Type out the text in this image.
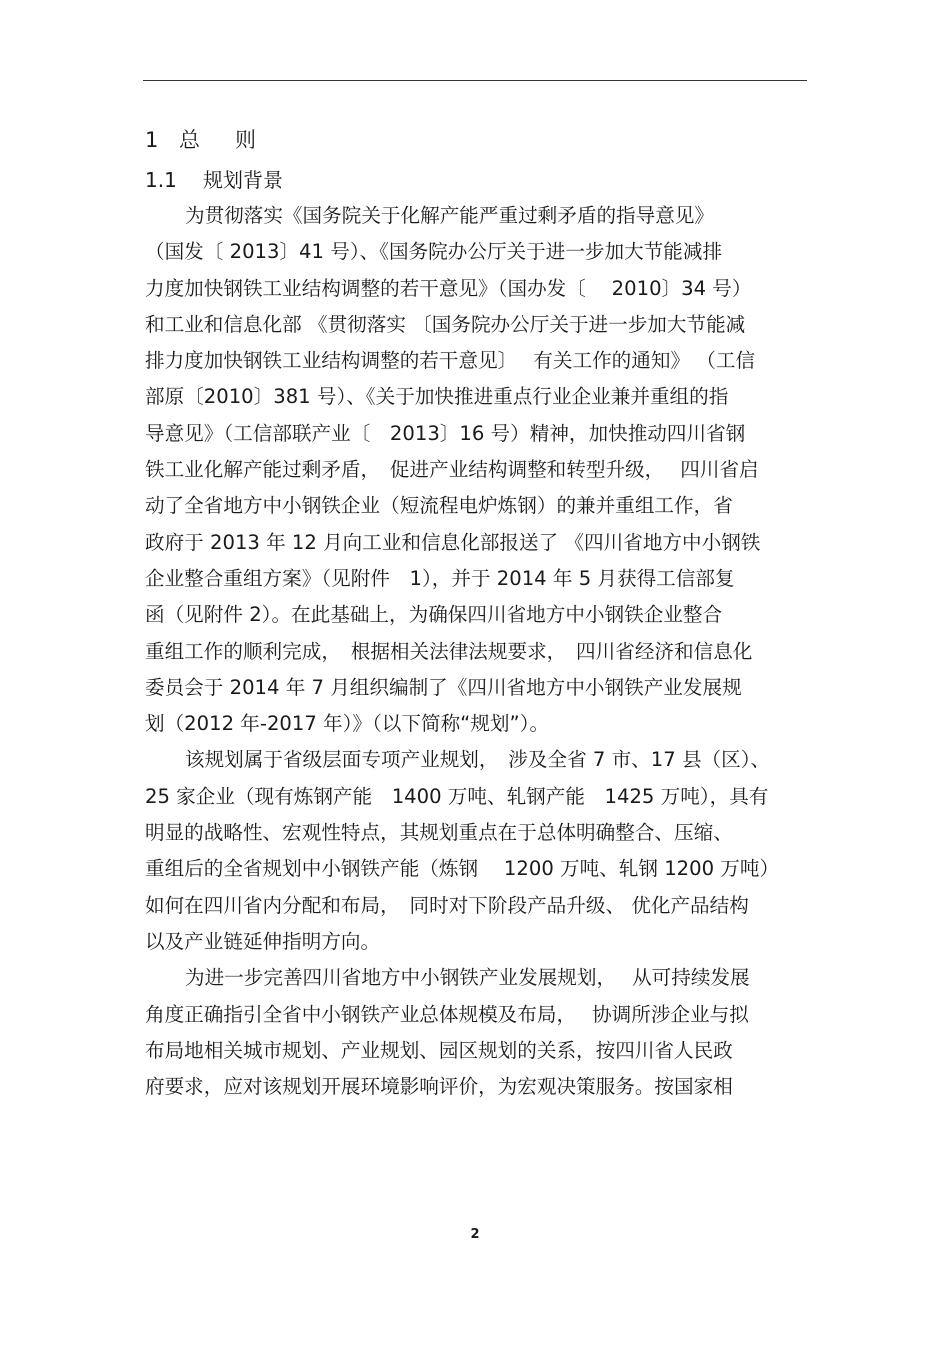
1 总 则
1.1 规划背景
为贯彻落实《国务院关于化解产能严重过剩矛盾的指导意见》
（国发〔 2013〕41 号）、《国务院办公厅关于进一步加大节能减排
力度加快钢铁工业结构调整的若干意见》（国办发〔　 2010〕34 号）
和工业和信息化部 《贯彻落实 〔国务院办公厅关于进一步加大节能减
排力度加快钢铁工业结构调整的若干意见〕　 有关工作的通知》 （工信
部原〔2010〕381 号）、《关于加快推进重点行业企业兼并重组的指
导意见》（工信部联产业〔　2013〕16 号）精神，加快推动四川省钢
铁工业化解产能过剩矛盾，　促进产业结构调整和转型升级，　 四川省启
动了全省地方中小钢铁企业（短流程电炉炼钢）的兼并重组工作，省
政府于 2013 年 12 月向工业和信息化部报送了 《四川省地方中小钢铁
企业整合重组方案》（见附件　1），并于 2014 年 5 月获得工信部复
函（见附件 2）。在此基础上，为确保四川省地方中小钢铁企业整合
重组工作的顺利完成，　根据相关法律法规要求，　四川省经济和信息化
委员会于 2014 年 7 月组织编制了《四川省地方中小钢铁产业发展规
划（2012 年-2017 年）》（以下简称“规划”）。
该规划属于省级层面专项产业规划，　涉及全省 7 市、17 县（区）、
25 家企业（现有炼钢产能　1400 万吨、轧钢产能　1425 万吨），具有
明显的战略性、宏观性特点，其规划重点在于总体明确整合、压缩、
重组后的全省规划中小钢铁产能（炼钢　 1200 万吨、轧钢 1200 万吨）
如何在四川省内分配和布局，　同时对下阶段产品升级、 优化产品结构
以及产业链延伸指明方向。
为进一步完善四川省地方中小钢铁产业发展规划，　 从可持续发展
角度正确指引全省中小钢铁产业总体规模及布局，　 协调所涉企业与拟
布局地相关城市规划、产业规划、园区规划的关系，按四川省人民政
府要求，应对该规划开展环境影响评价，为宏观决策服务。按国家相
2
